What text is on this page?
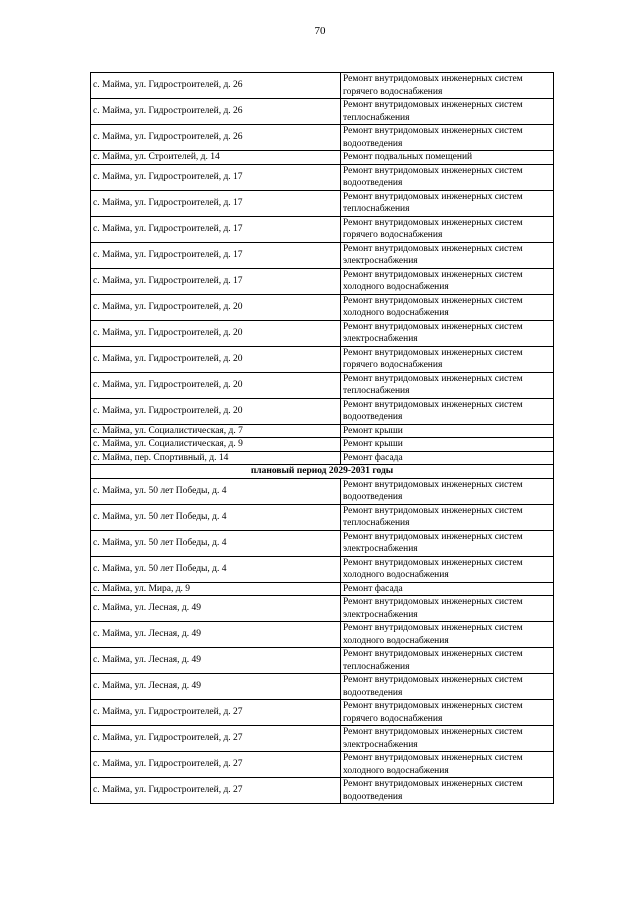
70
с. Майма, ул. Гидростроителей, д. 26	Ремонт внутридомовых инженерных систем горячего водоснабжения
с. Майма, ул. Гидростроителей, д. 26	Ремонт внутридомовых инженерных систем теплоснабжения
с. Майма, ул. Гидростроителей, д. 26	Ремонт внутридомовых инженерных систем водоотведения
с. Майма, ул. Строителей, д. 14	Ремонт подвальных помещений
с. Майма, ул. Гидростроителей, д. 17	Ремонт внутридомовых инженерных систем водоотведения
с. Майма, ул. Гидростроителей, д. 17	Ремонт внутридомовых инженерных систем теплоснабжения
с. Майма, ул. Гидростроителей, д. 17	Ремонт внутридомовых инженерных систем горячего водоснабжения
с. Майма, ул. Гидростроителей, д. 17	Ремонт внутридомовых инженерных систем электроснабжения
с. Майма, ул. Гидростроителей, д. 17	Ремонт внутридомовых инженерных систем холодного водоснабжения
с. Майма, ул. Гидростроителей, д. 20	Ремонт внутридомовых инженерных систем холодного водоснабжения
с. Майма, ул. Гидростроителей, д. 20	Ремонт внутридомовых инженерных систем электроснабжения
с. Майма, ул. Гидростроителей, д. 20	Ремонт внутридомовых инженерных систем горячего водоснабжения
с. Майма, ул. Гидростроителей, д. 20	Ремонт внутридомовых инженерных систем теплоснабжения
с. Майма, ул. Гидростроителей, д. 20	Ремонт внутридомовых инженерных систем водоотведения
с. Майма, ул. Социалистическая, д. 7	Ремонт крыши
с. Майма, ул. Социалистическая, д. 9	Ремонт крыши
с. Майма, пер. Спортивный, д. 14	Ремонт фасада
плановый период 2029-2031 годы	
с. Майма, ул. 50 лет Победы, д. 4	Ремонт внутридомовых инженерных систем водоотведения
с. Майма, ул. 50 лет Победы, д. 4	Ремонт внутридомовых инженерных систем теплоснабжения
с. Майма, ул. 50 лет Победы, д. 4	Ремонт внутридомовых инженерных систем электроснабжения
с. Майма, ул. 50 лет Победы, д. 4	Ремонт внутридомовых инженерных систем холодного водоснабжения
с. Майма, ул. Мира, д. 9	Ремонт фасада
с. Майма, ул. Лесная, д. 49	Ремонт внутридомовых инженерных систем электроснабжения
с. Майма, ул. Лесная, д. 49	Ремонт внутридомовых инженерных систем холодного водоснабжения
с. Майма, ул. Лесная, д. 49	Ремонт внутридомовых инженерных систем теплоснабжения
с. Майма, ул. Лесная, д. 49	Ремонт внутридомовых инженерных систем водоотведения
с. Майма, ул. Гидростроителей, д. 27	Ремонт внутридомовых инженерных систем горячего водоснабжения
с. Майма, ул. Гидростроителей, д. 27	Ремонт внутридомовых инженерных систем электроснабжения
с. Майма, ул. Гидростроителей, д. 27	Ремонт внутридомовых инженерных систем холодного водоснабжения
с. Майма, ул. Гидростроителей, д. 27	Ремонт внутридомовых инженерных систем водоотведения
